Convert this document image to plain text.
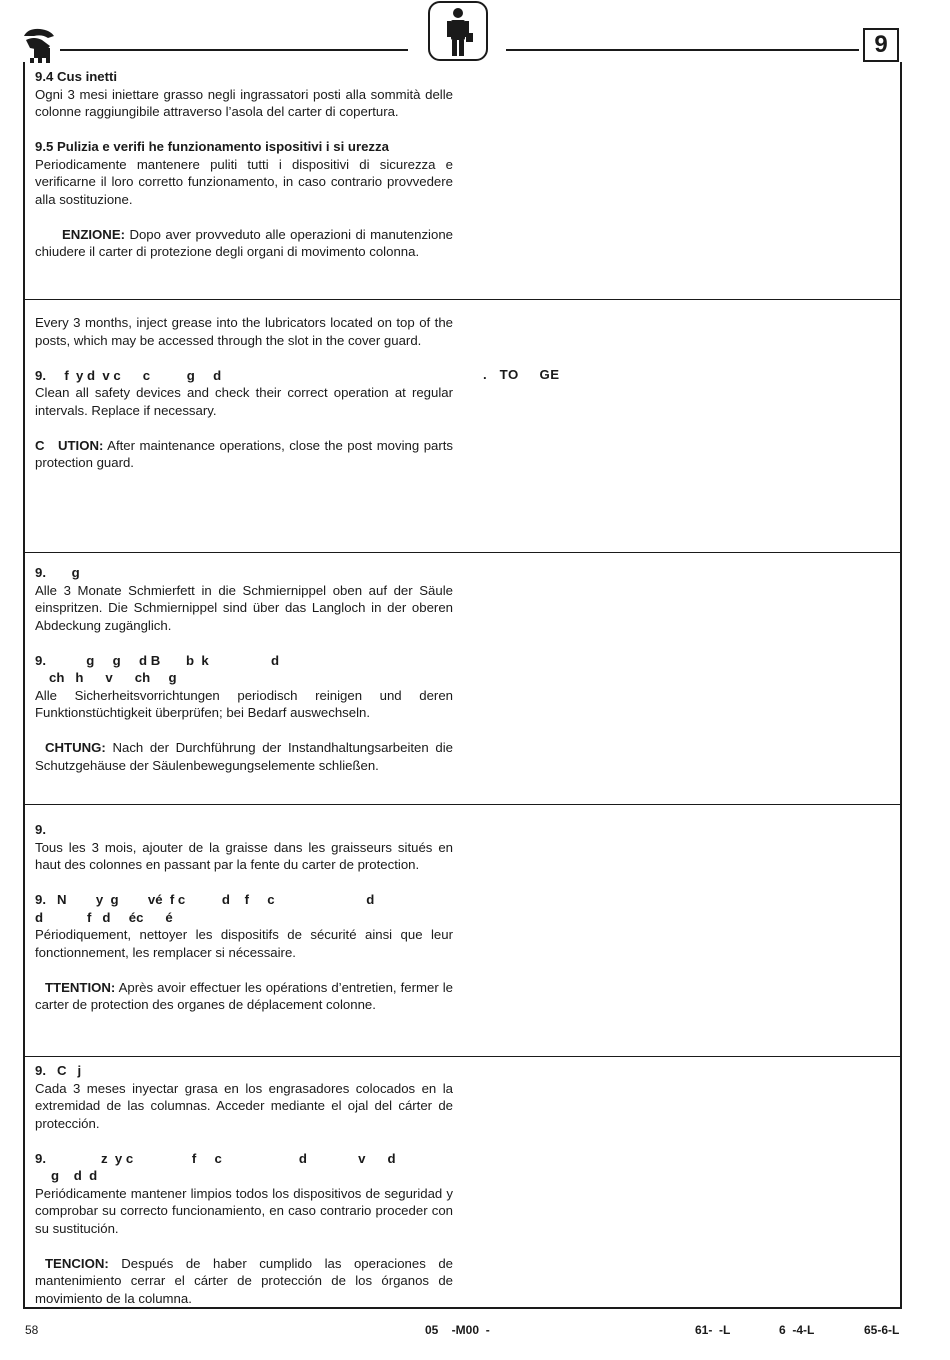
9

9.4 Cus inetti

Ogni 3 mesi iniettare grasso negli ingrassatori posti alla sommità delle colonne raggiungibile attraverso l’asola del carter di copertura.

9.5 Pulizia e verifi he funzionamento ispositivi i si urezza

Periodicamente mantenere puliti tutti i dispositivi di sicurezza e verificarne il loro corretto funzionamento, in caso contrario provvedere alla sostituzione.

ENZIONE: Dopo aver provveduto alle operazioni di manutenzione chiudere il carter di protezione degli organi di movimento colonna.

Every 3 months, inject grease into the lubricators located on top of the posts, which may be accessed through the slot in the cover guard.

9.     f  y d  v c      c          g     d

Clean all safety devices and check their correct operation at regular intervals. Replace if necessary.

C   UTION: After maintenance operations, close the post moving parts protection guard.

.   TO     GE

9.       g

Alle 3 Monate Schmierfett in die Schmiernippel oben auf der Säule einspritzen. Die Schmiernippel sind über das Langloch in der oberen Abdeckung zugänglich.

9.           g     g     d B       b  k                 d

ch   h      v      ch     g

Alle Sicherheitsvorrichtungen periodisch reinigen und deren Funktionstüchtigkeit überprüfen; bei Bedarf auswechseln.

CHTUNG: Nach der Durchführung der Instandhaltungsarbeiten die Schutzgehäuse der Säulenbewegungselemente schließen.

9.

Tous les 3 mois, ajouter de la graisse dans les graisseurs situés en haut des colonnes en passant par la fente du carter de protection.

9.   N        y  g        vé  f c          d    f     c                         d

d            f   d     éc      é

Périodiquement, nettoyer les dispositifs de sécurité ainsi que leur fonctionnement, les remplacer si nécessaire.

TTENTION: Après avoir effectuer les opérations d’entretien, fermer le carter de protection des organes de déplacement colonne.

9.   C   j

Cada 3 meses inyectar grasa en los engrasadores colocados en la extremidad de las columnas. Acceder mediante el ojal del cárter de protección.

9.               z  y c                f     c                     d              v      d

g    d  d

Periódicamente mantener limpios todos los dispositivos de seguridad y comprobar su correcto funcionamiento, en caso contrario proceder con su sustitución.

TENCION: Después de haber cumplido las operaciones de mantenimiento cerrar el cárter de protección de los órganos de movimiento de la columna.

58	05    -M00  -	61-  -L	6  -4-L	65-6-L
